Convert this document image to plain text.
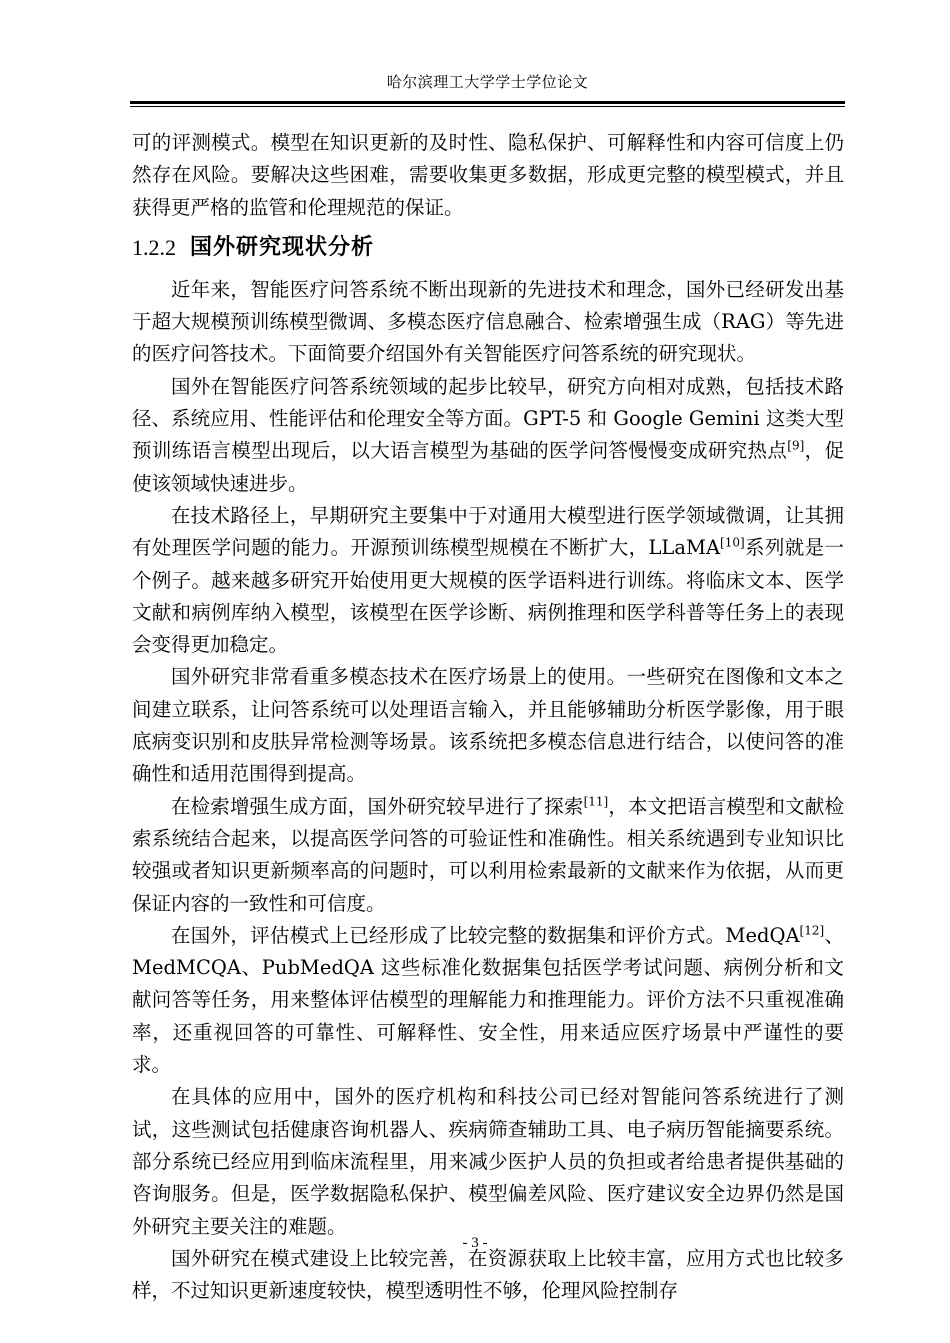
哈尔滨理工大学学士学位论文

可的评测模式。模型在知识更新的及时性、隐私保护、可解释性和内容可信度上仍然存在风险。要解决这些困难，需要收集更多数据，形成更完整的模型模式，并且获得更严格的监管和伦理规范的保证。

1.2.2 国外研究现状分析

近年来，智能医疗问答系统不断出现新的先进技术和理念，国外已经研发出基于超大规模预训练模型微调、多模态医疗信息融合、检索增强生成（RAG）等先进的医疗问答技术。下面简要介绍国外有关智能医疗问答系统的研究现状。

国外在智能医疗问答系统领域的起步比较早，研究方向相对成熟，包括技术路径、系统应用、性能评估和伦理安全等方面。GPT-5 和 Google Gemini 这类大型预训练语言模型出现后，以大语言模型为基础的医学问答慢慢变成研究热点[9]，促使该领域快速进步。

在技术路径上，早期研究主要集中于对通用大模型进行医学领域微调，让其拥有处理医学问题的能力。开源预训练模型规模在不断扩大，LLaMA[10]系列就是一个例子。越来越多研究开始使用更大规模的医学语料进行训练。将临床文本、医学文献和病例库纳入模型，该模型在医学诊断、病例推理和医学科普等任务上的表现会变得更加稳定。

国外研究非常看重多模态技术在医疗场景上的使用。一些研究在图像和文本之间建立联系，让问答系统可以处理语言输入，并且能够辅助分析医学影像，用于眼底病变识别和皮肤异常检测等场景。该系统把多模态信息进行结合，以使问答的准确性和适用范围得到提高。

在检索增强生成方面，国外研究较早进行了探索[11]，本文把语言模型和文献检索系统结合起来，以提高医学问答的可验证性和准确性。相关系统遇到专业知识比较强或者知识更新频率高的问题时，可以利用检索最新的文献来作为依据，从而更保证内容的一致性和可信度。

在国外，评估模式上已经形成了比较完整的数据集和评价方式。MedQA[12]、MedMCQA、PubMedQA 这些标准化数据集包括医学考试问题、病例分析和文献问答等任务，用来整体评估模型的理解能力和推理能力。评价方法不只重视准确率，还重视回答的可靠性、可解释性、安全性，用来适应医疗场景中严谨性的要求。

在具体的应用中，国外的医疗机构和科技公司已经对智能问答系统进行了测试，这些测试包括健康咨询机器人、疾病筛查辅助工具、电子病历智能摘要系统。部分系统已经应用到临床流程里，用来减少医护人员的负担或者给患者提供基础的咨询服务。但是，医学数据隐私保护、模型偏差风险、医疗建议安全边界仍然是国外研究主要关注的难题。

国外研究在模式建设上比较完善，在资源获取上比较丰富，应用方式也比较多样，不过知识更新速度较快，模型透明性不够，伦理风险控制存

- 3 -
